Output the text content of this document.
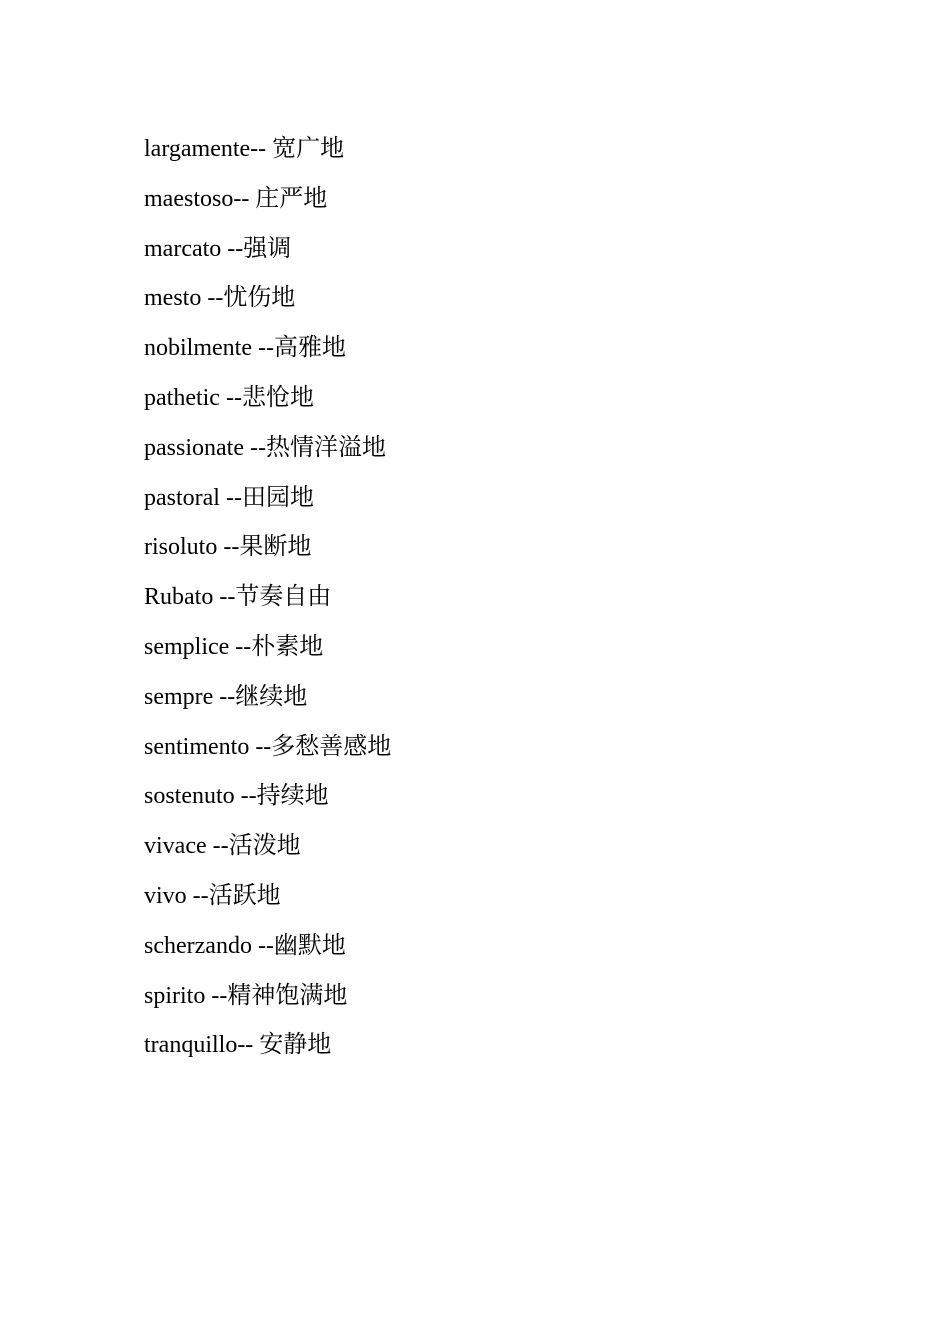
largamente-- 宽广地
maestoso-- 庄严地
marcato --强调
mesto --忧伤地
nobilmente --高雅地
pathetic --悲怆地
passionate --热情洋溢地
pastoral --田园地
risoluto --果断地
Rubato --节奏自由
semplice --朴素地
sempre --继续地
sentimento --多愁善感地
sostenuto --持续地
vivace --活泼地
vivo --活跃地
scherzando --幽默地
spirito --精神饱满地
tranquillo-- 安静地
